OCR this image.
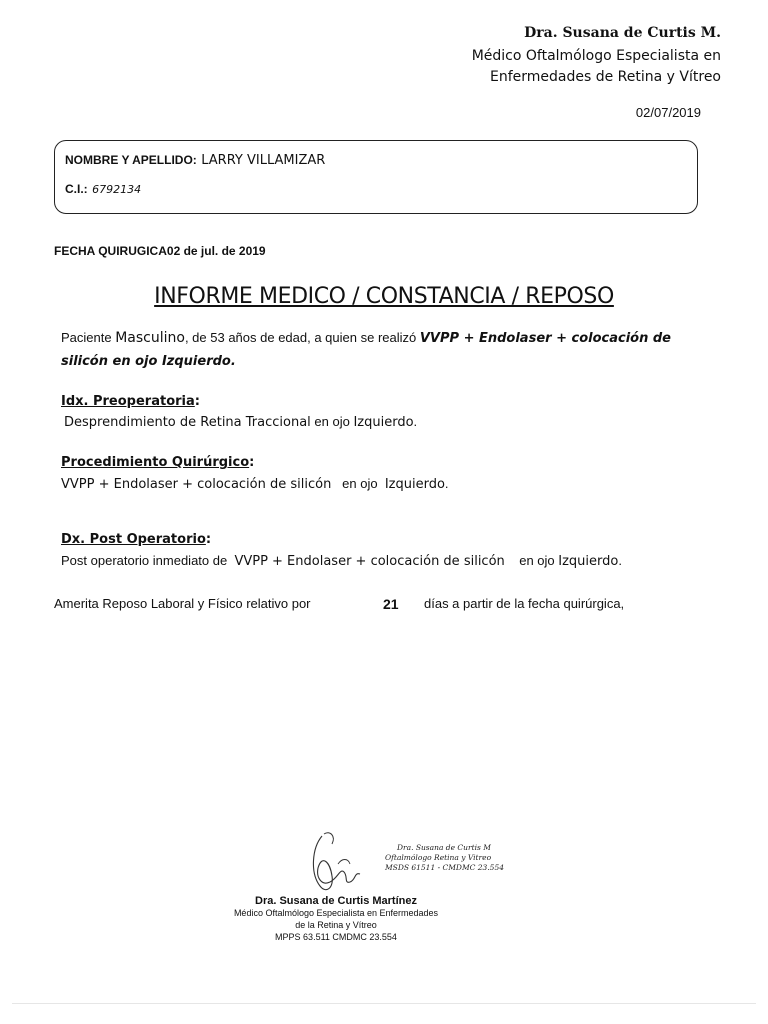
Dra. Susana de Curtis M.
Médico Oftalmólogo Especialista en
Enfermedades de Retina y Vítreo
02/07/2019
NOMBRE Y APELLIDO: LARRY VILLAMIZAR
C.I.: 6792134
FECHA QUIRUGICA02 de jul. de 2019
INFORME MEDICO / CONSTANCIA / REPOSO
Paciente Masculino, de 53 años de edad, a quien se realizó VVPP + Endolaser + colocación de silicón en ojo Izquierdo.
Idx. Preoperatoria:
Desprendimiento de Retina Traccional en ojo Izquierdo.
Procedimiento Quirúrgico:
VVPP + Endolaser + colocación de silicón   en ojo  Izquierdo.
Dx. Post Operatorio:
Post operatorio inmediato de  VVPP + Endolaser + colocación de silicón    en ojo Izquierdo.
Amerita Reposo Laboral y Físico relativo por	21 días a partir de la fecha quirúrgica,
Dra. Susana de Curtis M
Oftalmólogo Retina y Vitreo
MSDS 61511 - CMDMC 23.554
Dra. Susana de Curtis Martínez
Médico Oftalmólogo Especialista en Enfermedades
de la Retina y Vítreo
MPPS 63.511 CMDMC 23.554
